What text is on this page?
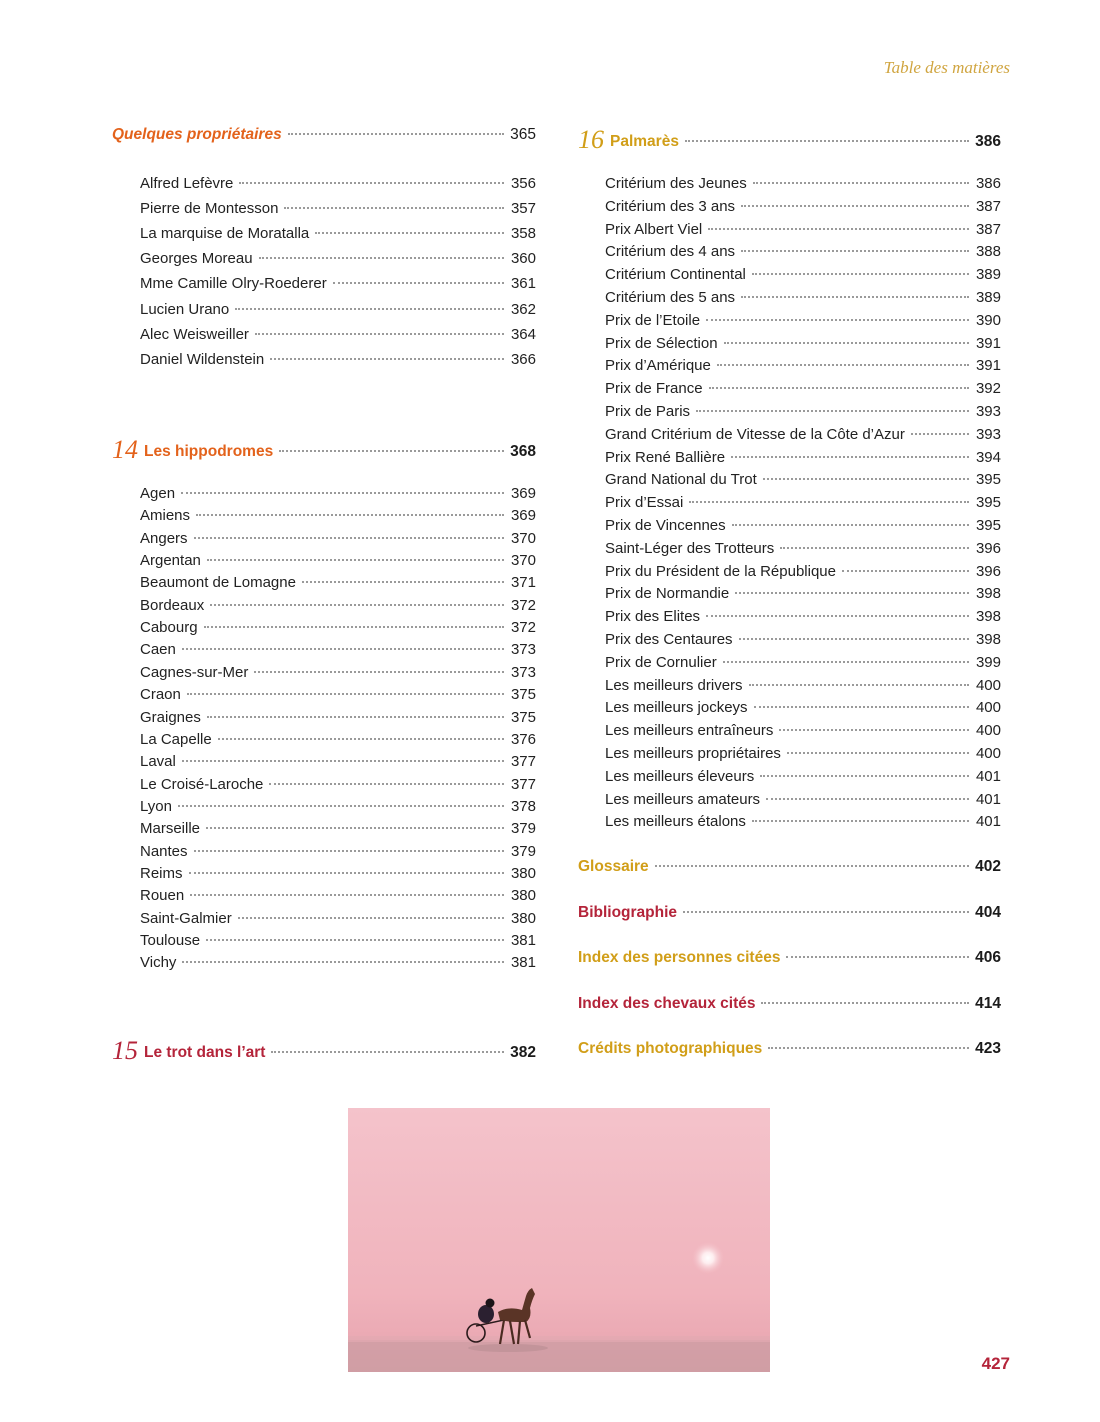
Table des matières
Quelques propriétaires	365
Alfred Lefèvre	356
Pierre de Montesson	357
La marquise de Moratalla	358
Georges Moreau	360
Mme Camille Olry-Roederer	361
Lucien Urano	362
Alec Weisweiller	364
Daniel Wildenstein	366
14 Les hippodromes	368
Agen	369
Amiens	369
Angers	370
Argentan	370
Beaumont de Lomagne	371
Bordeaux	372
Cabourg	372
Caen	373
Cagnes-sur-Mer	373
Craon	375
Graignes	375
La Capelle	376
Laval	377
Le Croisé-Laroche	377
Lyon	378
Marseille	379
Nantes	379
Reims	380
Rouen	380
Saint-Galmier	380
Toulouse	381
Vichy	381
15 Le trot dans l’art	382
16 Palmarès	386
Critérium des Jeunes	386
Critérium des 3 ans	387
Prix Albert Viel	387
Critérium des 4 ans	388
Critérium Continental	389
Critérium des 5 ans	389
Prix de l’Etoile	390
Prix de Sélection	391
Prix d’Amérique	391
Prix de France	392
Prix de Paris	393
Grand Critérium de Vitesse de la Côte d’Azur	393
Prix René Ballière	394
Grand National du Trot	395
Prix d’Essai	395
Prix de Vincennes	395
Saint-Léger des Trotteurs	396
Prix du Président de la République	396
Prix de Normandie	398
Prix des Elites	398
Prix des Centaures	398
Prix de Cornulier	399
Les meilleurs drivers	400
Les meilleurs jockeys	400
Les meilleurs entraîneurs	400
Les meilleurs propriétaires	400
Les meilleurs éleveurs	401
Les meilleurs amateurs	401
Les meilleurs étalons	401
Glossaire	402
Bibliographie	404
Index des personnes citées	406
Index des chevaux cités	414
Crédits photographiques	423
427
